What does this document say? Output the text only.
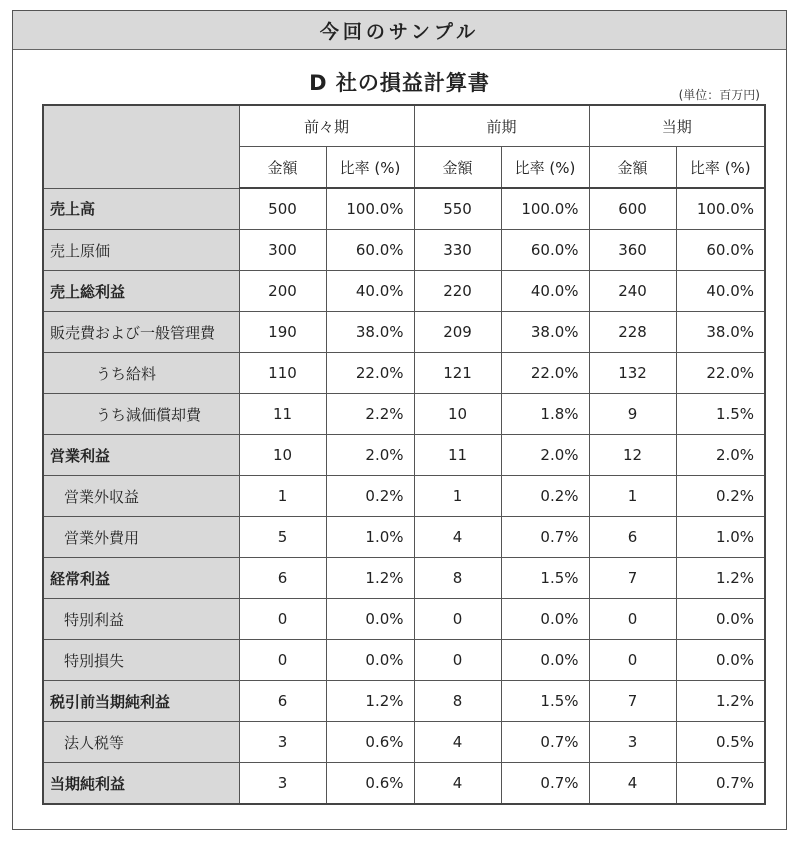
今回のサンプル
D 社の損益計算書	(単位：百万円)
	前々期		前期		当期	
	金額	比率 (%)	金額	比率 (%)	金額	比率 (%)
売上高	500	100.0%	550	100.0%	600	100.0%
売上原価	300	60.0%	330	60.0%	360	60.0%
売上総利益	200	40.0%	220	40.0%	240	40.0%
販売費および一般管理費	190	38.0%	209	38.0%	228	38.0%
うち給料	110	22.0%	121	22.0%	132	22.0%
うち減価償却費	11	2.2%	10	1.8%	9	1.5%
営業利益	10	2.0%	11	2.0%	12	2.0%
営業外収益	1	0.2%	1	0.2%	1	0.2%
営業外費用	5	1.0%	4	0.7%	6	1.0%
経常利益	6	1.2%	8	1.5%	7	1.2%
特別利益	0	0.0%	0	0.0%	0	0.0%
特別損失	0	0.0%	0	0.0%	0	0.0%
税引前当期純利益	6	1.2%	8	1.5%	7	1.2%
法人税等	3	0.6%	4	0.7%	3	0.5%
当期純利益	3	0.6%	4	0.7%	4	0.7%
